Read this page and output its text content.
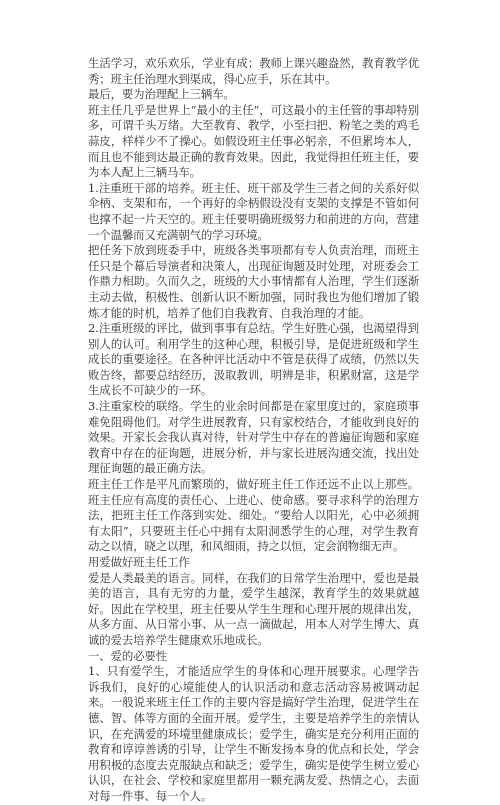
生活学习，欢乐欢乐，学业有成；教师上课兴趣盎然，教育教学优秀；班主任治理水到渠成，得心应手，乐在其中。

最后，要为治理配上三辆车。

班主任几乎是世界上“最小的主任”，可这最小的主任管的事却特别多，可谓千头万绪。大至教育、教学，小至扫把、粉笔之类的鸡毛蒜皮，样样少不了操心。如假设班主任事必躬亲，不但累垮本人，而且也不能到达最正确的教育效果。因此，我觉得担任班主任，要为本人配上三辆马车。

1.注重班干部的培养。班主任、班干部及学生三者之间的关系好似伞柄、支架和布，一个再好的伞柄假设没有支架的支撑是不管如何也撑不起一片天空的。班主任要明确班级努力和前进的方向，营建一个温馨而又充满朝气的学习环境。

把任务下放到班委手中，班级各类事项都有专人负责治理，而班主任只是个幕后导演者和决策人，出现征询题及时处理，对班委会工作鼎力相助。久而久之，班级的大小事情都有人治理，学生们逐渐主动去做，积极性、创新认识不断加强，同时我也为他们增加了锻炼才能的时机，培养了他们自我教育、自我治理的才能。

2.注重班级的评比，做到事事有总结。学生好胜心强，也渴望得到别人的认可。利用学生的这种心理，积极引导，是促进班级和学生成长的重要途径。在各种评比活动中不管是获得了成绩，仍然以失败告终，都要总结经历，汲取教训，明辨是非，积累财富，这是学生成长不可缺少的一环。

3.注重家校的联络。学生的业余时间都是在家里度过的，家庭琐事难免阻碍他们。对学生进展教育，只有家校结合，才能收到良好的效果。开家长会我认真对待，针对学生中存在的普遍征询题和家庭教育中存在的征询题，进展分析，并与家长进展沟通交流，找出处理征询题的最正确方法。

班主任工作是平凡而繁琐的，做好班主任工作还远不止以上那些。班主任应有高度的责任心、上进心、使命感。要寻求科学的治理方法，把班主任工作落到实处、细处。“要给人以阳光，心中必须拥有太阳”，只要班主任心中拥有太阳洞悉学生的心理，对学生教育动之以情，晓之以理，和风细雨，持之以恒，定会润物细无声。

用爱做好班主任工作

爱是人类最美的语言。同样，在我们的日常学生治理中，爱也是最美的语言，具有无穷的力量，爱学生越深，教育学生的效果就越好。因此在学校里，班主任要从学生生理和心理开展的规律出发，从多方面、从日常小事、从一点一滴做起，用本人对学生博大、真诚的爱去培养学生健康欢乐地成长。

一、爱的必要性

1、只有爱学生，才能适应学生的身体和心理开展要求。心理学告诉我们，良好的心境能使人的认识活动和意志活动容易被调动起来。一般说来班主任工作的主要内容是搞好学生治理，促进学生在德、智、体等方面的全面开展。爱学生，主要是培养学生的亲情认识，在充满爱的环境里健康成长；爱学生，确实是充分利用正面的教育和谆谆善诱的引导，让学生不断发扬本身的优点和长处，学会用积极的态度去克服缺点和缺乏；爱学生，确实是使学生树立爱心认识，在社会、学校和家庭里都用一颗充满友爱、热情之心，去面对每一件事、每一个人。
